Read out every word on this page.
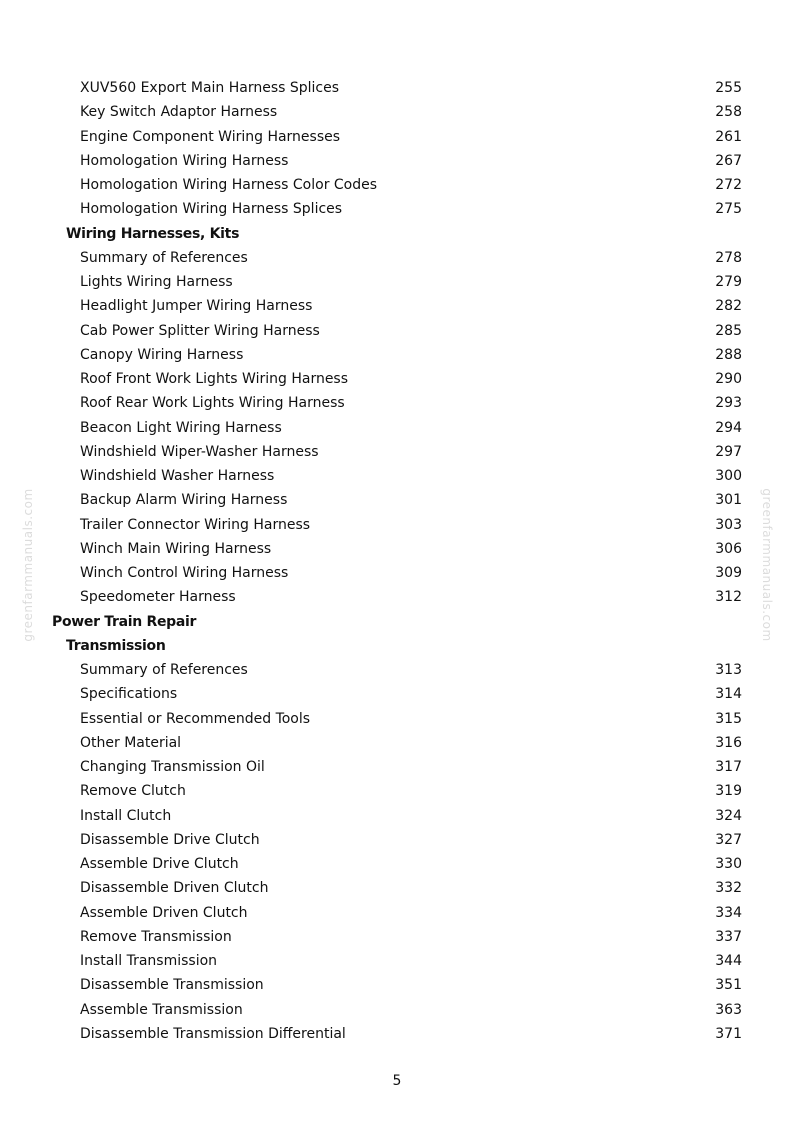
XUV560 Export Main Harness Splices	255
Key Switch Adaptor Harness	258
Engine Component Wiring Harnesses	261
Homologation Wiring Harness	267
Homologation Wiring Harness Color Codes	272
Homologation Wiring Harness Splices	275
Wiring Harnesses, Kits
Summary of References	278
Lights Wiring Harness	279
Headlight Jumper Wiring Harness	282
Cab Power Splitter Wiring Harness	285
Canopy Wiring Harness	288
Roof Front Work Lights Wiring Harness	290
Roof Rear Work Lights Wiring Harness	293
Beacon Light Wiring Harness	294
Windshield Wiper-Washer Harness	297
Windshield Washer Harness	300
Backup Alarm Wiring Harness	301
Trailer Connector Wiring Harness	303
Winch Main Wiring Harness	306
Winch Control Wiring Harness	309
Speedometer Harness	312
Power Train Repair
Transmission
Summary of References	313
Specifications	314
Essential or Recommended Tools	315
Other Material	316
Changing Transmission Oil	317
Remove Clutch	319
Install Clutch	324
Disassemble Drive Clutch	327
Assemble Drive Clutch	330
Disassemble Driven Clutch	332
Assemble Driven Clutch	334
Remove Transmission	337
Install Transmission	344
Disassemble Transmission	351
Assemble Transmission	363
Disassemble Transmission Differential	371
greenfarmmanuals.com	greenfarmmanuals.com
5
